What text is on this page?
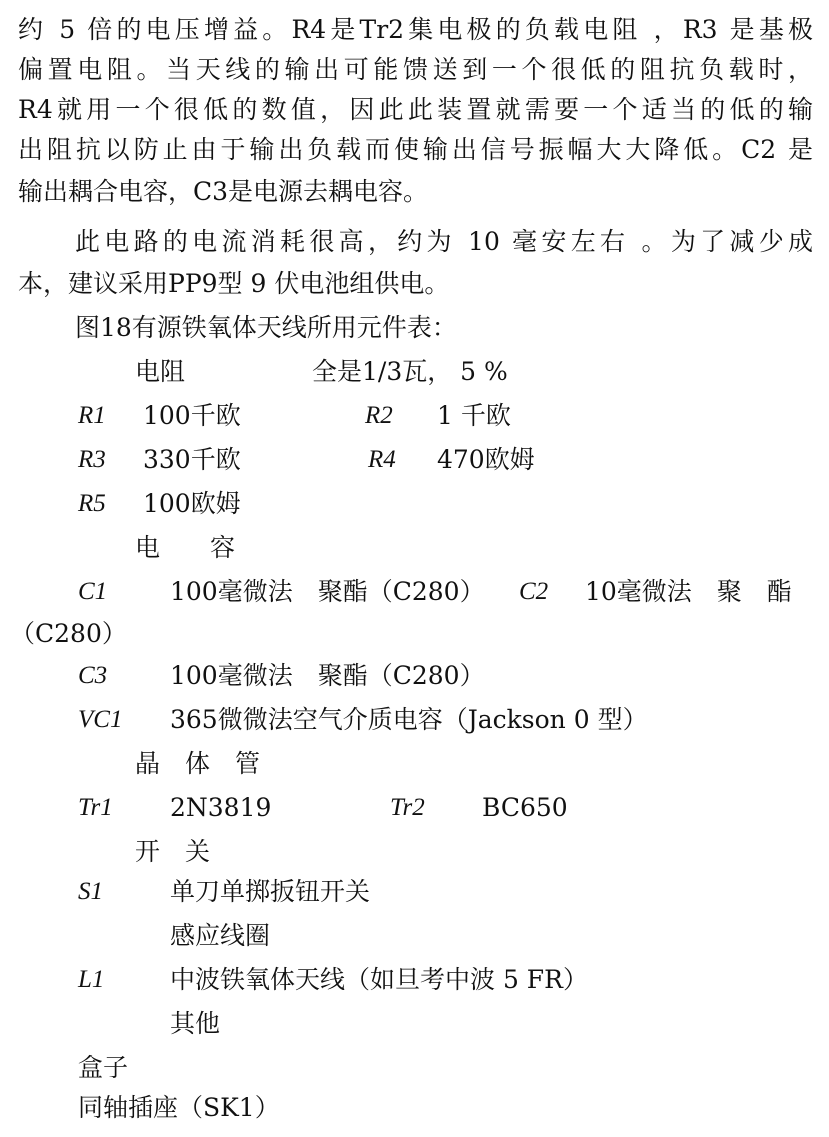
约 5 倍的电压增益。R4是Tr2集电极的负载电阻 ，R3 是基极
偏置电阻。当天线的输出可能馈送到一个很低的阻抗负载时，
R4就用一个很低的数值，因此此装置就需要一个适当的低的输
出阻抗以防止由于输出负载而使输出信号振幅大大降低。C2 是
输出耦合电容，C3是电源去耦电容。
此电路的电流消耗很高，约为 10 毫安左右 。为了减少成
本，建议采用PP9型 9 伏电池组供电。
图18有源铁氧体天线所用元件表：
电阻	全是1/3瓦， 5 %
R1 100千欧	R2 1 千欧
R3 330千欧	R4 470欧姆
R5 100欧姆
电　　容
C1	100毫微法　聚酯（C280） C2 10毫微法　聚　酯
（C280）
C3	100毫微法　聚酯（C280）
VC1 365微微法空气介质电容（Jackson 0 型）
晶　体　管
Tr1 2N3819	Tr2 BC650
开　关
S1	单刀单掷扳钮开关
感应线圈
L1	中波铁氧体天线（如旦考中波 5 FR）
其他
盒子
同轴插座（SK1）
